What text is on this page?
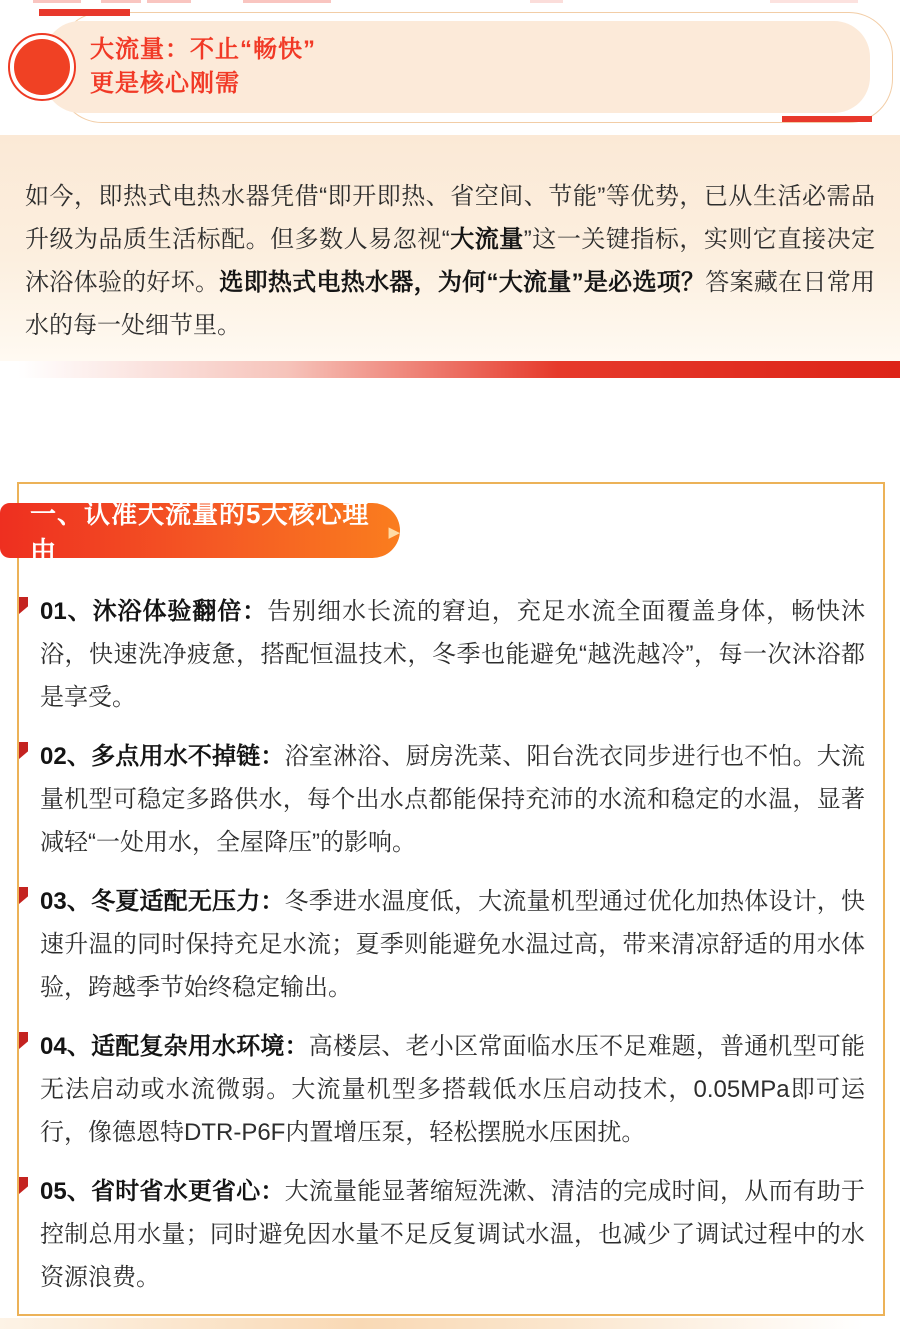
大流量：不止“畅快”
更是核心刚需

如今，即热式电热水器凭借“即开即热、省空间、节能”等优势，已从生活必需品升级为品质生活标配。但多数人易忽视“大流量”这一关键指标，实则它直接决定沐浴体验的好坏。选即热式电热水器，为何“大流量”是必选项？答案藏在日常用水的每一处细节里。

一、认准大流量的5大核心理由
▶

01、沐浴体验翻倍：告别细水长流的窘迫，充足水流全面覆盖身体，畅快沐浴，快速洗净疲惫，搭配恒温技术，冬季也能避免“越洗越冷”，每一次沐浴都是享受。

02、多点用水不掉链：浴室淋浴、厨房洗菜、阳台洗衣同步进行也不怕。大流量机型可稳定多路供水，每个出水点都能保持充沛的水流和稳定的水温，显著减轻“一处用水，全屋降压”的影响。

03、冬夏适配无压力：冬季进水温度低，大流量机型通过优化加热体设计，快速升温的同时保持充足水流；夏季则能避免水温过高，带来清凉舒适的用水体验，跨越季节始终稳定输出。

04、适配复杂用水环境：高楼层、老小区常面临水压不足难题，普通机型可能无法启动或水流微弱。大流量机型多搭载低水压启动技术，0.05MPa即可运行，像德恩特DTR-P6F内置增压泵，轻松摆脱水压困扰。

05、省时省水更省心：大流量能显著缩短洗漱、清洁的完成时间，从而有助于控制总用水量；同时避免因水量不足反复调试水温，也减少了调试过程中的水资源浪费。
